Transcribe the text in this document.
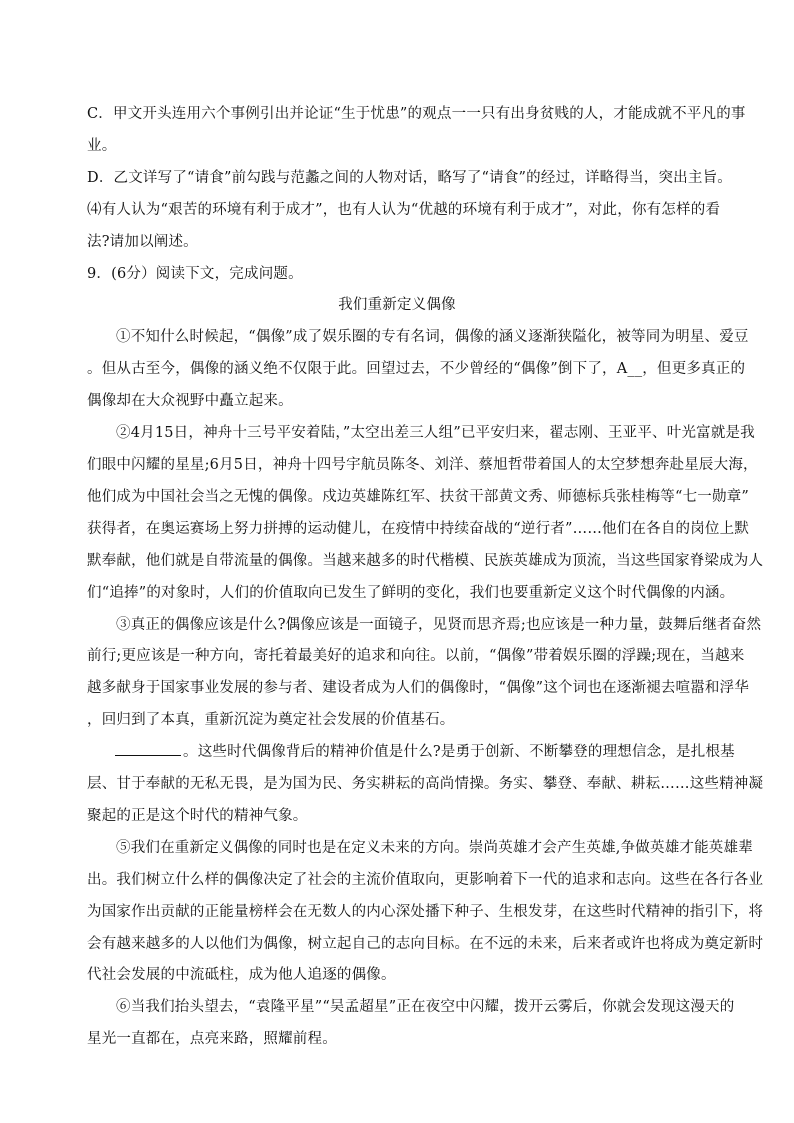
C．甲文开头连用六个事例引出并论证“生于忧患”的观点一一只有出身贫贱的人，才能成就不平凡的事

业。

D．乙文详写了“请食”前勾践与范蠡之间的人物对话，略写了“请食”的经过，详略得当，突出主旨。

⑷有人认为“艰苦的环境有利于成才”，也有人认为“优越的环境有利于成才”，对此，你有怎样的看

法?请加以阐述。

9．(6分）阅读下文，完成问题。

我们重新定义偶像

①不知什么时候起，“偶像”成了娱乐圈的专有名词，偶像的涵义逐渐狭隘化，被等同为明星、爱豆

。但从古至今，偶像的涵义绝不仅限于此。回望过去，不少曾经的“偶像”倒下了，A__，但更多真正的

偶像却在大众视野中矗立起来。

②4月15日，神舟十三号平安着陆，”太空出差三人组”已平安归来，翟志刚、王亚平、叶光富就是我

们眼中闪耀的星星;6月5日，神舟十四号宇航员陈冬、刘洋、蔡旭哲带着国人的太空梦想奔赴星辰大海，

他们成为中国社会当之无愧的偶像。戍边英雄陈红军、扶贫干部黄文秀、师德标兵张桂梅等“七一勋章”

获得者，在奥运赛场上努力拼搏的运动健儿，在疫情中持续奋战的“逆行者”……他们在各自的岗位上默

默奉献，他们就是自带流量的偶像。当越来越多的时代楷模、民族英雄成为顶流，当这些国家脊梁成为人

们“追捧”的对象时，人们的价值取向已发生了鲜明的变化，我们也要重新定义这个时代偶像的内涵。

③真正的偶像应该是什么?偶像应该是一面镜子，见贤而思齐焉;也应该是一种力量，鼓舞后继者奋然

前行;更应该是一种方向，寄托着最美好的追求和向往。以前，“偶像”带着娱乐圈的浮躁;现在，当越来

越多献身于国家事业发展的参与者、建设者成为人们的偶像时，“偶像”这个词也在逐渐褪去喧嚣和浮华

，回归到了本真，重新沉淀为奠定社会发展的价值基石。

。这些时代偶像背后的精神价值是什么?是勇于创新、不断攀登的理想信念，是扎根基

层、甘于奉献的无私无畏，是为国为民、务实耕耘的高尚情操。务实、攀登、奉献、耕耘……这些精神凝

聚起的正是这个时代的精神气象。

⑤我们在重新定义偶像的同时也是在定义未来的方向。崇尚英雄才会产生英雄,争做英雄才能英雄辈

出。我们树立什么样的偶像决定了社会的主流价值取向，更影响着下一代的追求和志向。这些在各行各业

为国家作出贡献的正能量榜样会在无数人的内心深处播下种子、生根发芽，在这些时代精神的指引下，将

会有越来越多的人以他们为偶像，树立起自己的志向目标。在不远的未来，后来者或许也将成为奠定新时

代社会发展的中流砥柱，成为他人追逐的偶像。

⑥当我们抬头望去，“袁隆平星”“吴孟超星”正在夜空中闪耀，拨开云雾后，你就会发现这漫天的

星光一直都在，点亮来路，照耀前程。
